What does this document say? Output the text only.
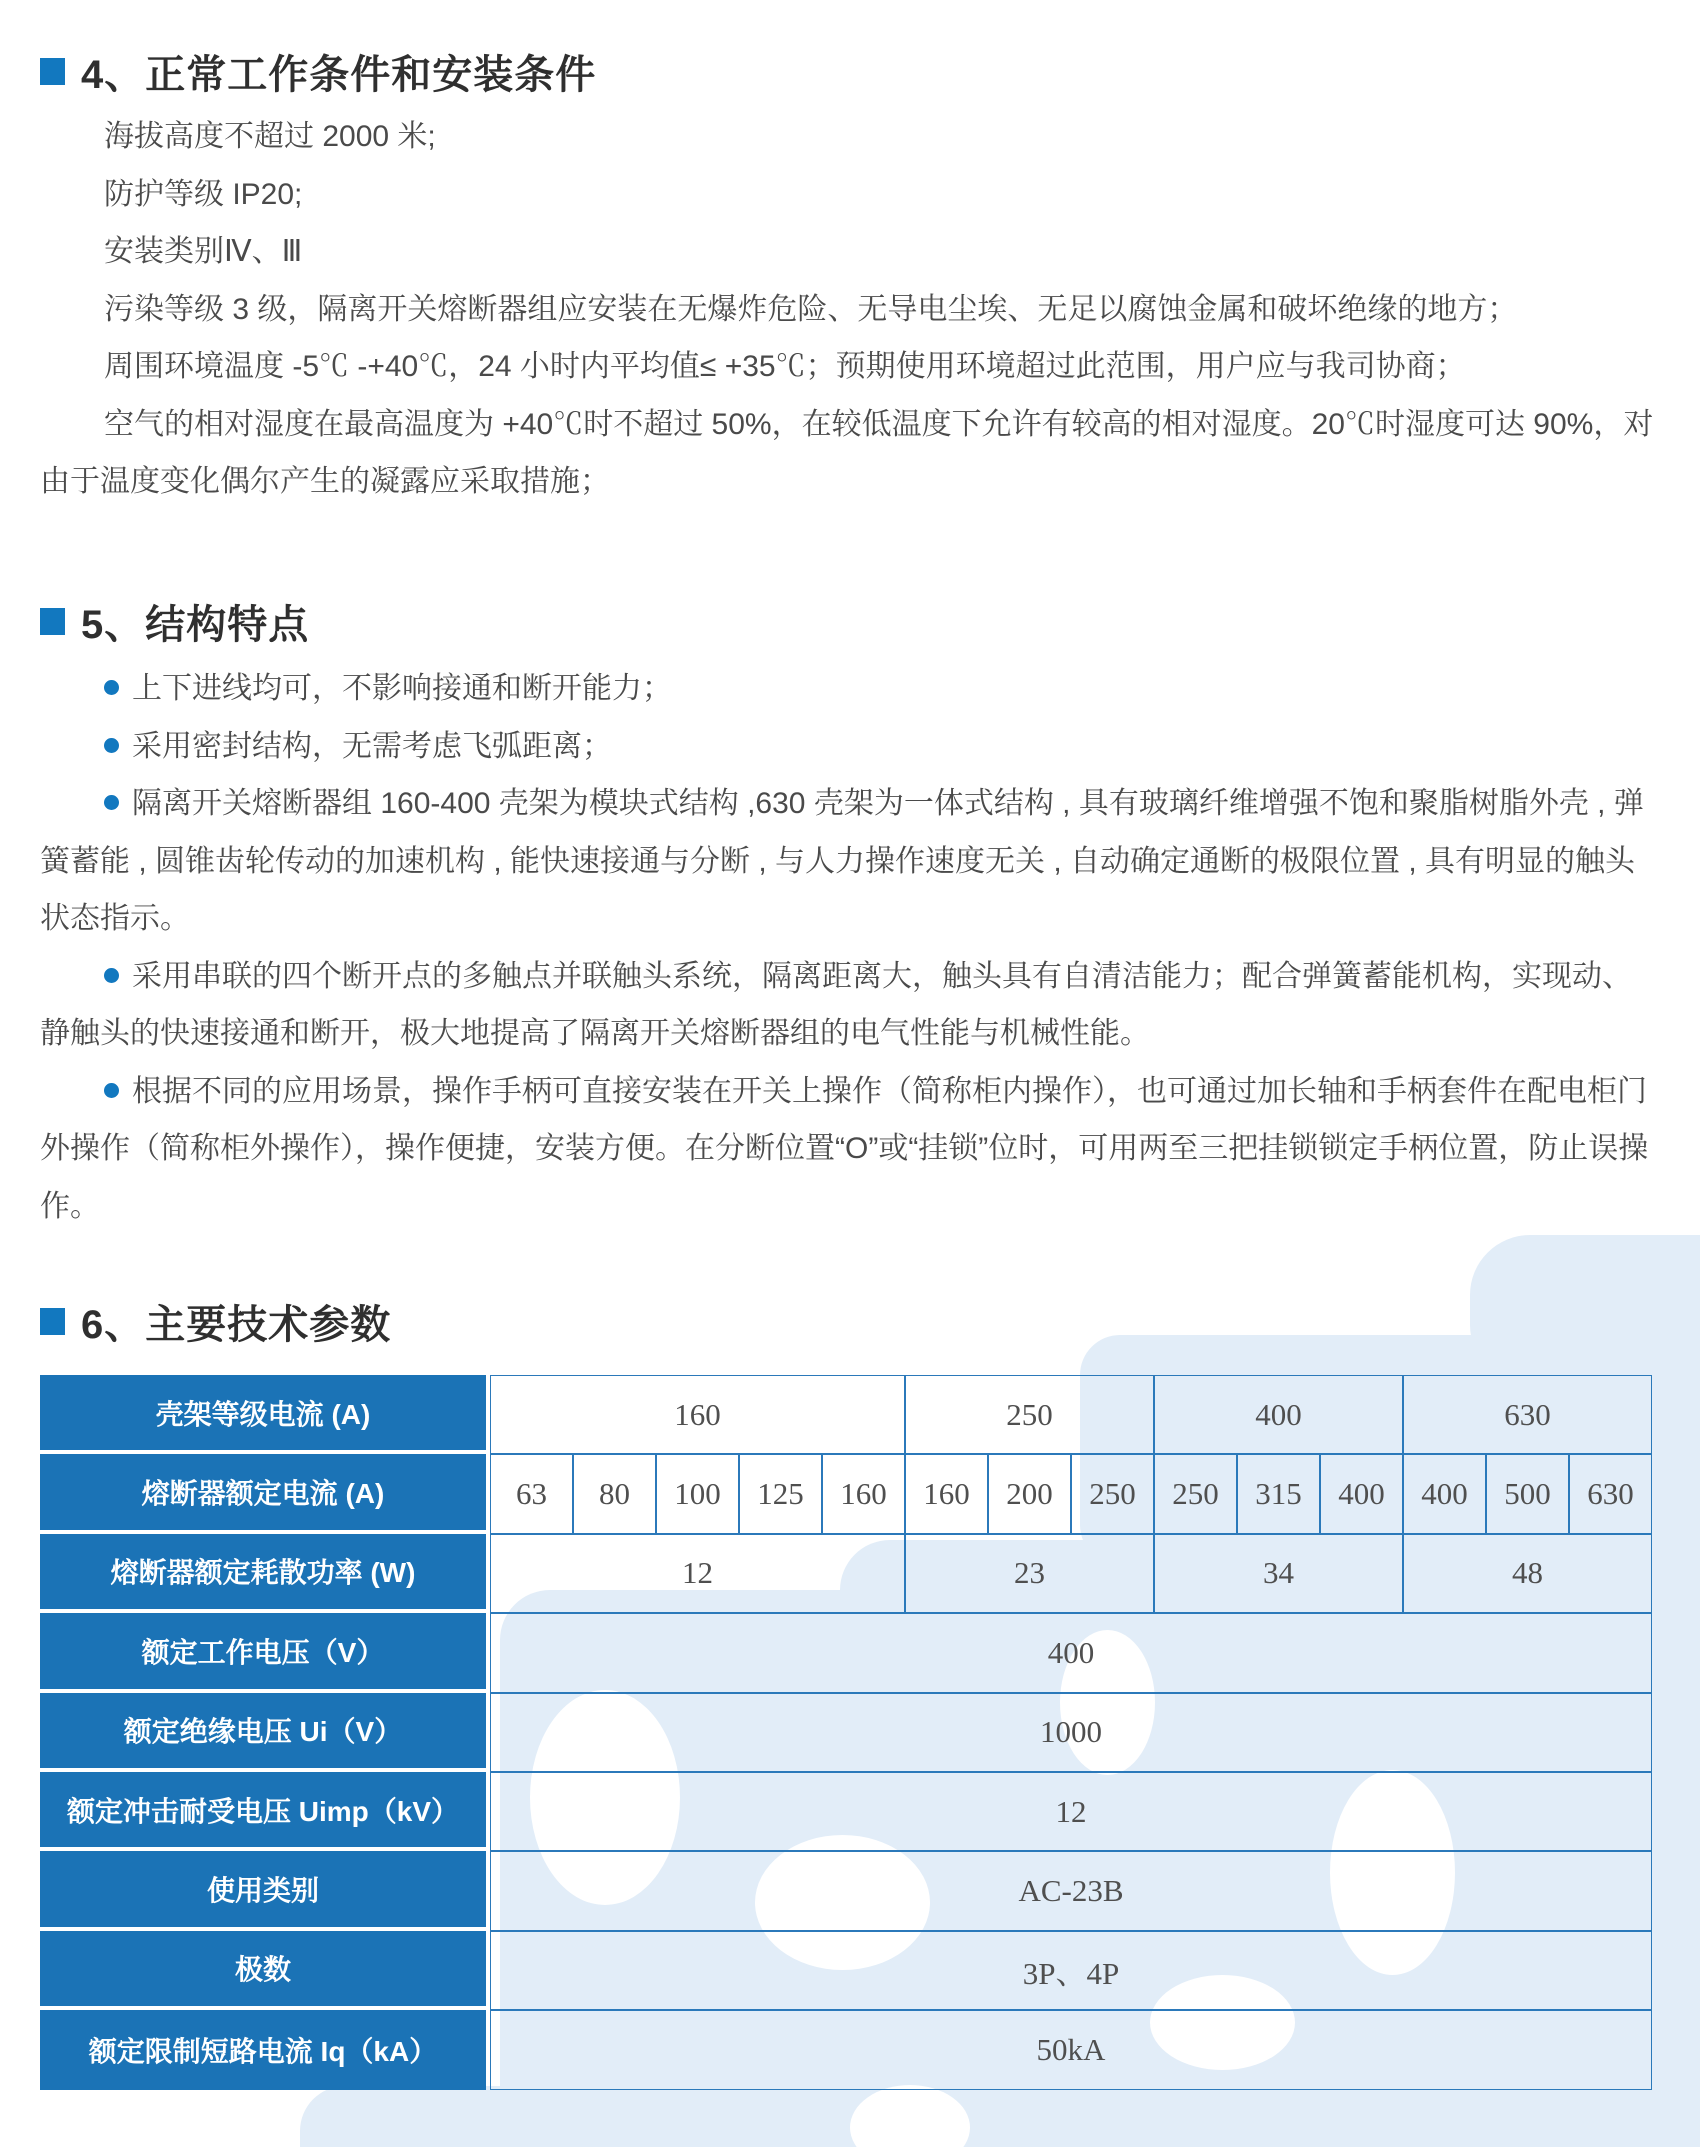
4、正常工作条件和安装条件

海拔高度不超过 2000 米;

防护等级 IP20;

安装类别Ⅳ、Ⅲ

污染等级 3 级，隔离开关熔断器组应安装在无爆炸危险、无导电尘埃、无足以腐蚀金属和破坏绝缘的地方；

周围环境温度 -5℃ -+40℃，24 小时内平均值≤ +35℃；预期使用环境超过此范围，用户应与我司协商；

空气的相对湿度在最高温度为 +40℃时不超过 50%，在较低温度下允许有较高的相对湿度。20℃时湿度可达 90%，对由于温度变化偶尔产生的凝露应采取措施；

5、结构特点

上下进线均可，不影响接通和断开能力；

采用密封结构，无需考虑飞弧距离；

隔离开关熔断器组 160-400 壳架为模块式结构 ,630 壳架为一体式结构 , 具有玻璃纤维增强不饱和聚脂树脂外壳 , 弹簧蓄能 , 圆锥齿轮传动的加速机构 , 能快速接通与分断 , 与人力操作速度无关 , 自动确定通断的极限位置 , 具有明显的触头状态指示。

采用串联的四个断开点的多触点并联触头系统，隔离距离大，触头具有自清洁能力；配合弹簧蓄能机构，实现动、静触头的快速接通和断开，极大地提高了隔离开关熔断器组的电气性能与机械性能。

根据不同的应用场景，操作手柄可直接安装在开关上操作（简称柜内操作），也可通过加长轴和手柄套件在配电柜门外操作（简称柜外操作），操作便捷，安装方便。在分断位置“O”或“挂锁”位时，可用两至三把挂锁锁定手柄位置，防止误操作。

6、主要技术参数
壳架等级电流 (A)	160	250	400	630
熔断器额定电流 (A)	63	80	100	125	160	160	200	250	250	315	400	400	500	630
熔断器额定耗散功率 (W)	12	23	34	48
额定工作电压（V）	400
额定绝缘电压 Ui（V）	1000
额定冲击耐受电压 Uimp（kV）	12
使用类别	AC-23B
极数	3P、4P
额定限制短路电流 Iq（kA）	50kA
